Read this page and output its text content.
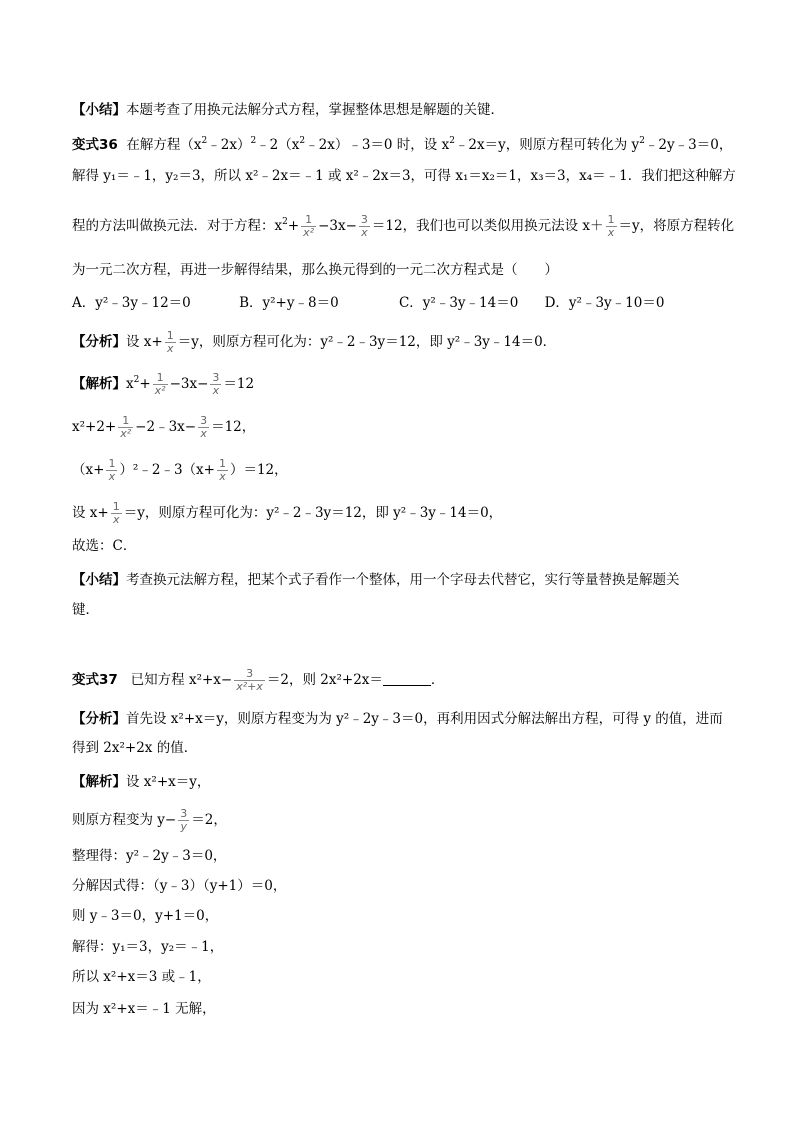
【小结】本题考查了用换元法解分式方程，掌握整体思想是解题的关键．
变式36 在解方程$(x^2﹣2x)^2﹣2(x^2﹣2x)﹣3=0$ 时，设 $x^2﹣2x=y$，则原方程可转化为 $y^2﹣2y﹣3=0$，
解得 y₁＝﹣1，y₂＝3，所以 x²﹣2x＝﹣1 或 x²﹣2x＝3，可得 x₁＝x₂＝1，x₃＝3，x₄＝﹣1．我们把这种解方
程的方法叫做换元法．对于方程：$x^2+ \frac{1}{\text{x²}} -3x- \frac{3}{x} =12$，我们也可以类似用换元法设 $x+ \frac{1}{x} =y$，将原方程转化
为一元二次方程，再进一步解得结果，那么换元得到的一元二次方程式是（　　）
A．y²﹣3y﹣12＝0	B．y²+y﹣8＝0	C．y²﹣3y﹣14＝0 D．y²﹣3y﹣10＝0
【分析】设 $x+ \frac{1}{x} =y$，则原方程可化为：y²﹣2﹣3y＝12，即 y²﹣3y﹣14＝0．
【解析】$x^2+ \frac{1}{\text{x²}} -3x- \frac{3}{x} =12$
$x^2+2+ \frac{1}{\text{x²}}$ −2﹣3x− $\frac{3}{x} =12$，
（$x+ \frac{1}{x}$ ）²﹣2﹣3（x+ $\frac{1}{x} )=12$，
设 $x+ \frac{1}{x} =y$，则原方程可化为：y²﹣2﹣3y＝12，即 y²﹣3y﹣14＝0，
故选：C．
【小结】考查换元法解方程，把某个式子看作一个整体，用一个字母去代替它，实行等量替换是解题关
键．
变式37 已知方程 $x^2+x- \frac{3}{\text{x²+x}} =2$，则 2x²+2x＝	．
【分析】首先设 x²+x＝y，则原方程变为为 y²﹣2y﹣3＝0，再利用因式分解法解出方程，可得 y 的值，进而
得到 2x²+2x 的值．
【解析】设 x²+x＝y，
则原方程变为 $y- \frac{3}{y} =2$，
整理得：y²﹣2y﹣3＝0，
分解因式得：（y﹣3）（y+1）＝0，
则 y﹣3＝0，y+1＝0，
解得：y₁＝3，y₂＝﹣1，
所以 x²+x＝3 或﹣1，
因为 x²+x＝﹣1 无解，
